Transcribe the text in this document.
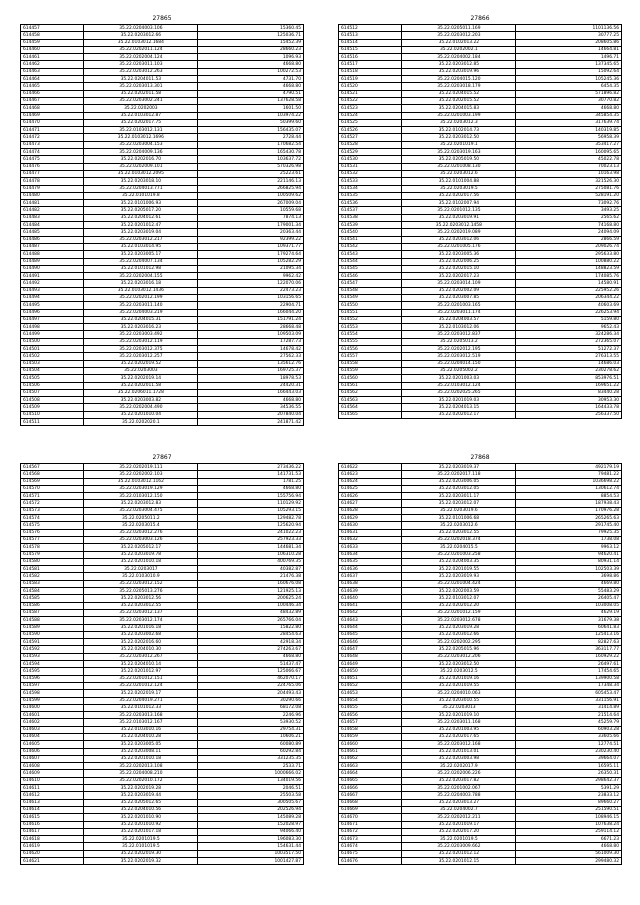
27865
614457	35.22.0204003.106	15360.45
614458	35.22.0203012.66	125036.71
614459	35.22.0103012.1684	15452.39
614460	35.22.0202011.124	28660.23
614461	35.22.0202004.124	1096.93
614462	35.22.0203011.103	4668.80
614463	35.22.0203012.263	100272.53
614464	35.22.0204011.53	4731.70
614465	35.22.0203013.301	4668.80
614466	35.22.0202011.58	4790.51
614467	35.22.0203002.241	137628.58
614468	35.22.0202003	1601.50
614469	35.22.0103012.87	103974.22
614470	35.22.0202017.75	50399.60
614471	35.22.0103012.131	156435.07
614472	35.22.0103012.1696	2728.44
614473	35.22.0203004.153	170682.54
614474	35.22.0204009.136	165430.78
614475	35.22.0202016.70	103637.72
614476	35.22.0202009.101	570326.98
614477	35.22.0103012.2095	25223.61
614478	35.22.0203018.10	221146.13
614479	35.22.0204013.771	266825.94
614480	35.22.0101019.8	100509.62
614481	35.22.0101006.93	267009.04
614482	35.22.0205017.20	10559.68
614483	35.22.0204012.61	7874.13
614484	35.22.0201012.47	179001.34
614485	35.22.0203019.04	20363.44
614486	35.22.0203012.217	92399.22
614487	35.22.0103014.95	109371.77
614488	35.22.0203005.17	179274.64
614489	35.22.0204007.134	105282.29
614490	35.22.0101012.98	21095.34
614491	35.22.0202004.155	9962.42
614492	35.22.0203016.18	122070.06
614493	35.22.0103012.1436	22473.23
614494	35.22.0202012.199	103156.65
614495	35.22.0203011.140	22904.71
614496	35.22.0204003.219	166044.20
614497	35.22.0204015.31	151791.24
614498	35.22.0203016.23	28668.48
614499	35.22.0203003.492	109503.09
614500	35.22.0203012.119	17287.73
614501	35.22.0203012.375	14678.42
614502	35.22.0203012.257	27562.33
614503	35.22.0202019.52	135612.76
614504	35.22.0203003	169725.37
614505	35.22.0202019.14	18978.53
614506	35.22.0202011.58	24420.31
614507	35.22.0206011.1728	166443.03
614508	35.22.0203003.82	4668.80
614509	35.22.0202004.490	34536.55
614510	35.22.0201010.04	207840.04
614511	35.22.0202020.1	241871.42
27866
614512	35.22.0205011.169	1101136.56
614513	35.22.0203012.203	30777.25
614514	35.22.0102013.22	208605.86
614515	35.22.0202002.1	14664.81
614516	35.22.0204002.184	1496.71
614517	35.22.0203012.85	137345.65
614518	35.22.0203019.96	15092.64
614519	35.22.0204015.120	105245.36
614520	35.22.0203018.179	6454.35
614521	35.22.0204015.52	571896.82
614522	35.22.0202015.52	30770.82
614523	35.22.0204015.83	4668.80
614524	35.22.0201003.199	345854.35
614525	35.22.0203012.3	317639.74
614526	35.22.0102014.73	140319.85
614527	35.22.0203012.50	56958.39
614528	35.22.0201019.1	353417.27
614529	35.22.0203019.163	160095.65
614530	35.22.0205019.50	45022.78
614531	35.22.0201008.130	70023.13
614532	35.22.0203012.6	10163.98
614533	35.22.0101004.88	321526.30
614534	35.22.0203019.5	275081.76
614535	35.22.0202017.56	528191.20
614536	35.22.0102007.94	73092.76
614537	35.22.0201012.135	3493.25
614538	35.22.0203019.91	2565.62
614539	35.22.0203012.1458	74168.80
614540	35.22.0202019.089	24094.09
614541	35.22.0203012.06	2866.59
614542	35.22.0201005.176	209026.74
614543	35.22.0203005.36	295633.80
614544	35.22.0202006.25	100880.22
614545	35.22.0202015.10	148823.59
614546	35.22.0202017.23	174085.76
614547	35.22.0203014.109	14580.91
614548	35.22.0202002.09	225952.26
614549	35.22.0203007.85	206344.22
614550	35.22.0201003.165	40603.69
614551	35.22.0203011.174	226253.94
614552	35.22.0204003.57	5159.80
614553	35.22.0103012.06	9652.43
614554	35.22.0203012.837	324286.34
614555	35.22.0205013.2	272365.07
614556	35.22.0202012.195	51272.37
614557	35.22.0203012.519	276313.55
614558	35.22.0204014.150	14686.03
614559	35.22.0205002.2	230278.62
614560	35.22.0201003.03	853976.51
614561	35.22.0103012.124	169651.22
614562	35.22.0202025.265	83440.28
614563	35.22.0201019.03	30953.30
614564	35.22.0204013.15	164433.78
614565	35.22.0202012.17	256337.50
27867
614567	35.22.0202019.111	273436.22
614568	35.22.0202002.103	141731.53
614569	35.22.0103012.1162	1781.25
614570	35.22.0203019.129	4668.80
614571	35.22.0103012.150	155756.94
614572	35.22.0203012.83	110129.92
614573	35.22.0203004.475	105293.15
614574	35.22.0205011.2	129482.78
614575	35.22.0203015.4	125620.94
614576	35.22.0203012.276	241022.23
614577	35.22.0203003.126	257923.33
614578	35.22.0205012.17	144681.34
614579	35.22.0203019.78	106310.28
614580	35.22.0201010.18	400769.35
614581	35.22.0203017	40382.87
614582	35.22.0103010.9	21476.38
614583	35.22.0203012.152	160676.08
614584	35.22.0205013.276	121925.13
614585	35.22.0203012.56	200625.24
614586	35.22.0203012.55	100446.34
614587	35.22.0203012.137	48432.89
614588	35.22.0203012.174	265766.04
614589	35.22.0201016.18	15822.80
614590	35.22.0203002.68	28454.63
614591	35.22.0202016.60	42918.34
614592	35.22.0204010.30	274263.67
614593	35.22.0203012.267	4668.80
614594	35.22.0204010.14	51437.47
614595	35.22.0201012.97	125066.67
614596	35.22.0201012.151	462070.17
614597	35.22.0201012.124	224765.06
614598	35.22.0202019.17	204493.43
614599	35.22.0204019.271	30290.66
614600	35.22.0101012.33	68172.08
614601	35.22.0203013.168	2246.96
614602	35.22.0103012.167	53930.52
614603	35.22.0103010.16	29754.31
614604	35.22.0204010.28	10606.21
614605	35.22.0203005.05	60080.89
614606	35.22.0203008.11	60292.84
614607	35.22.0201010.18	331235.35
614608	35.22.0202013.108	2533.71
614609	35.22.0204008.210	1000666.02
614610	35.22.0202010.172	134019.56
614611	35.22.0202019.28	2046.51
614612	35.22.0203019.44	25503.58
614613	35.22.0205012.65	300505.67
614614	35.22.0204010.56	202526.94
614615	35.22.0201010.90	145089.28
614616	35.22.0201010.92	152028.97
614617	35.22.0201017.18	94066.40
614618	35.22.0201019.5	196083.30
614619	35.22.0101019.5	154631.44
614620	35.22.0202019.30	1003517.50
614621	35.22.0202019.32	1001427.87
27868
614622	35.22.0203019.37	492179.19
614623	35.22.0202017.118	79481.22
614624	35.22.0203006.05	1036698.22
614625	35.22.0203012.05	130612.74
614626	35.22.0203011.17	8854.53
614627	35.22.0203012.07	187938.43
614628	35.22.0203019.6	170976.28
614629	35.22.0101006.68	265265.63
614630	35.22.0203012.6	291745.40
614631	35.22.0203012.55	79925.35
614632	35.22.0202018.374	1738.08
614633	35.22.0204015.5	9963.12
614634	35.22.0201003.258	94620.41
614635	35.22.0204003.35	80931.14
614636	35.22.0201019.55	102503.39
614637	35.22.0203019.93	3698.86
614638	35.22.0201004.424	4669.80
614639	35.22.0202003.59	55483.29
614640	35.22.0103012.07	26405.47
614641	35.22.0202012.20	103008.05
614642	35.22.0201012.159	4629.19
614643	35.22.0203012.678	31679.38
614644	35.22.0203019.28	60641.83
614645	35.22.0203012.66	125413.16
614646	35.22.0202002.295	82827.63
614647	35.22.0205015.96	363117.77
614648	35.22.0203012.206	160929.22
614649	35.22.0203012.50	26497.61
614650	35.22.0203012.5	17454.65
614651	35.22.0201019.16	139900.58
614652	35.22.0201019.55	17348.34
614653	35.22.0204010.063	605453.47
614654	35.22.0203010.55	331156.91
614655	35.22.0203013	31414.89
614656	35.22.0201019.10	21514.64
614657	35.22.0203011.168	45259.79
614658	35.22.0201003.95	60903.28
614659	35.22.0202017.65	33605.66
614660	35.22.0203012.168	12774.51
614661	35.22.0201013.01	230230.40
614662	35.22.0203003.98	39664.07
614663	35.22.0202017.9	16595.11
614664	35.22.0202006.226	26350.31
614665	35.22.0203017.82	298642.37
614666	35.22.0201002.067	5391.29
614667	35.22.0204003.788	23833.12
614668	35.22.0203013.27	89660.27
614669	35.22.0204002.7	251590.51
614670	35.22.0202012.211	108946.15
614671	35.22.0201019.17	107638.24
614672	35.22.0202017.20	259114.12
614673	35.22.0201019.5	6671.23
614674	35.22.0203009.662	4668.80
614675	35.22.0201012.12	561009.30
614676	35.22.0201012.15	299480.32
